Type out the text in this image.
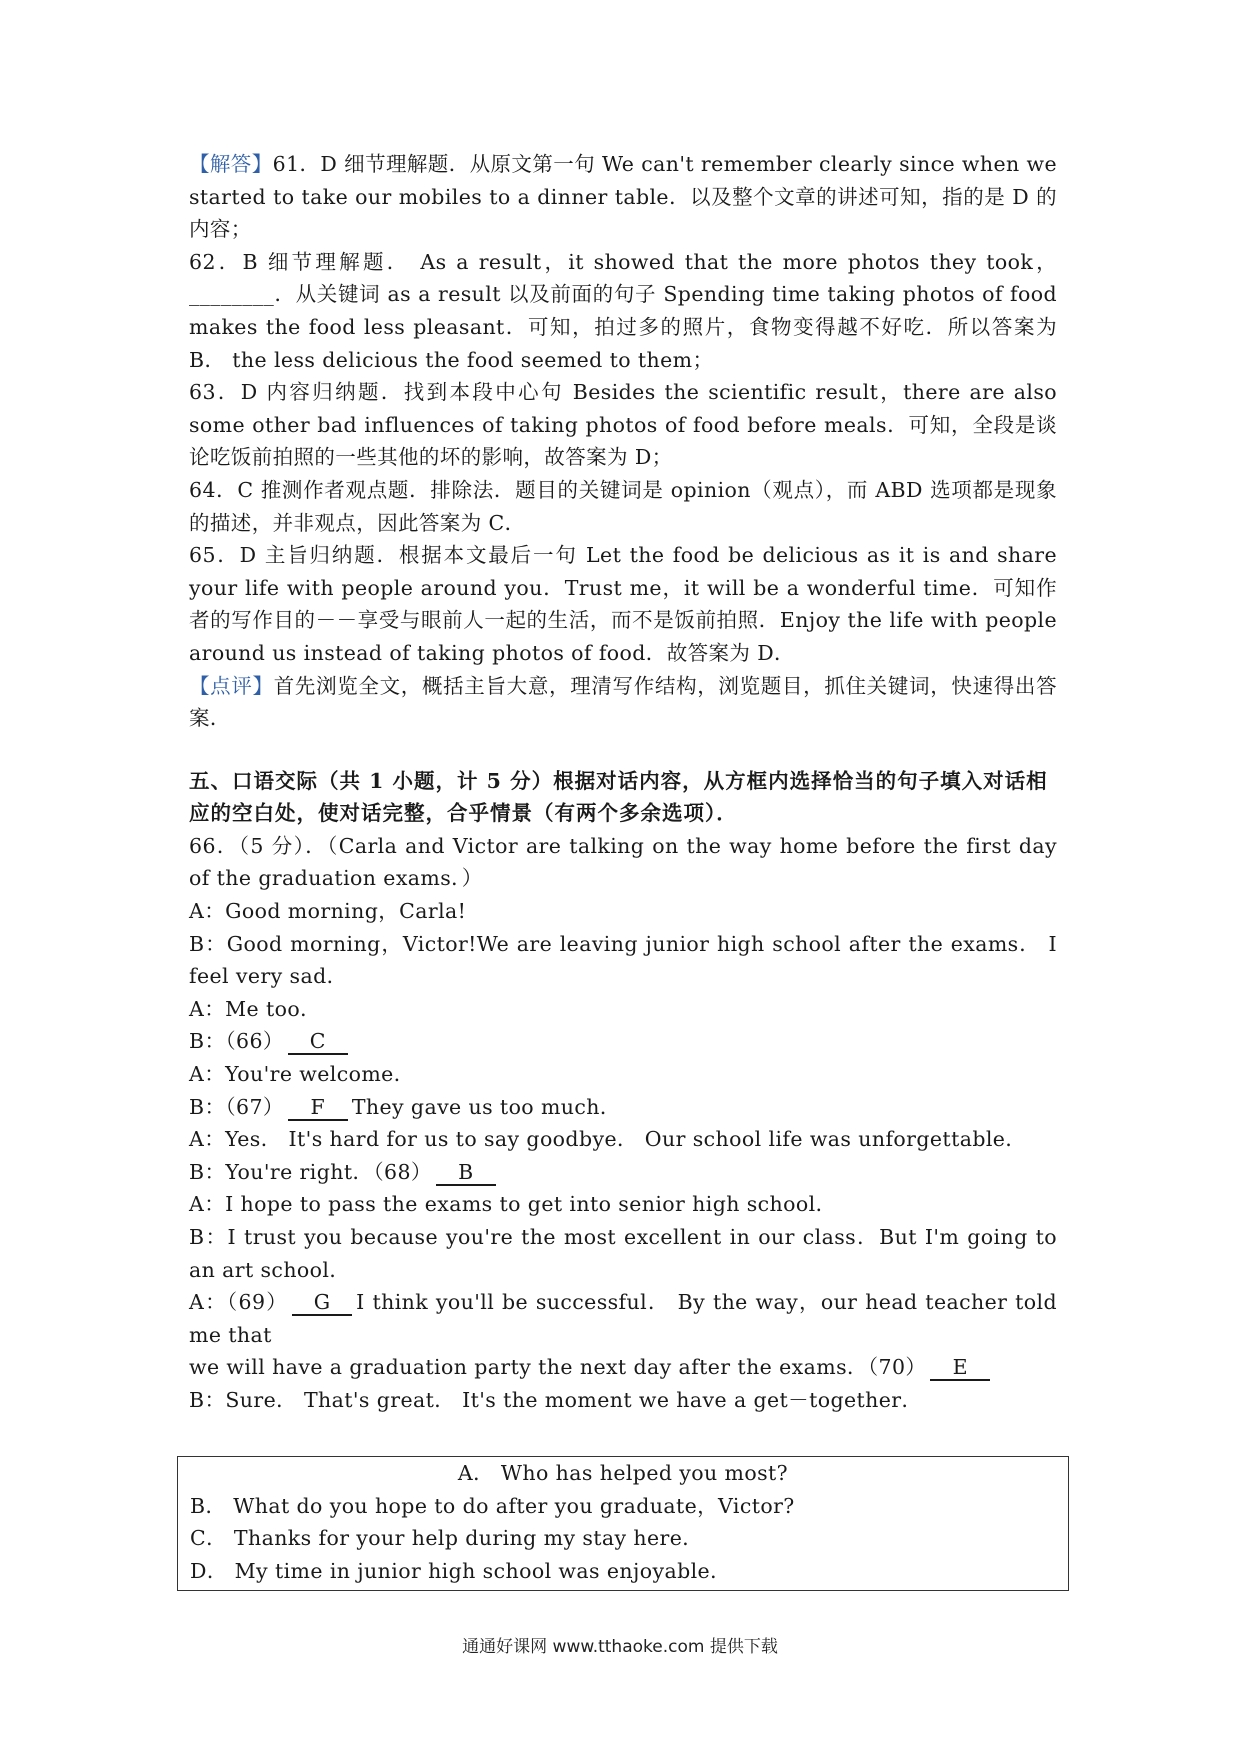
【解答】61．D 细节理解题．从原文第一句 We can't remember clearly since when we started to take our mobiles to a dinner table．以及整个文章的讲述可知，指的是 D 的内容；

62．B 细节理解题． As a result，it showed that the more photos they took，________．从关键词 as a result 以及前面的句子 Spending time taking photos of food makes the food less pleasant．可知，拍过多的照片，食物变得越不好吃．所以答案为 B． the less delicious the food seemed to them；

63．D 内容归纳题．找到本段中心句 Besides the scientific result，there are also some other bad influences of taking photos of food before meals．可知，全段是谈论吃饭前拍照的一些其他的坏的影响，故答案为 D；

64．C 推测作者观点题．排除法．题目的关键词是 opinion（观点），而 ABD 选项都是现象的描述，并非观点，因此答案为 C．

65．D 主旨归纳题．根据本文最后一句 Let the food be delicious as it is and share your life with people around you．Trust me，it will be a wonderful time．可知作者的写作目的－－享受与眼前人一起的生活，而不是饭前拍照．Enjoy the life with people around us instead of taking photos of food．故答案为 D．

【点评】首先浏览全文，概括主旨大意，理清写作结构，浏览题目，抓住关键词，快速得出答案．

五、口语交际（共 1 小题，计 5 分）根据对话内容，从方框内选择恰当的句子填入对话相应的空白处，使对话完整，合乎情景（有两个多余选项）．

66．（5 分）．（Carla and Victor are talking on the way home before the first day of the graduation exams．）

A：Good morning，Carla!

B：Good morning，Victor!We are leaving junior high school after the exams． I feel very sad．

A：Me too．

B：（66） C

A：You're welcome．

B：（67） F They gave us too much．

A：Yes． It's hard for us to say goodbye． Our school life was unforgettable．

B：You're right．（68） B

A：I hope to pass the exams to get into senior high school．

B：I trust you because you're the most excellent in our class．But I'm going to an art school．

A：（69） G I think you'll be successful． By the way，our head teacher told me that

we will have a graduation party the next day after the exams．（70） E

B：Sure． That's great． It's the moment we have a get－together．

A． Who has helped you most?

B． What do you hope to do after you graduate，Victor?

C． Thanks for your help during my stay here．

D． My time in junior high school was enjoyable．

通通好课网 www.tthaoke.com 提供下载
